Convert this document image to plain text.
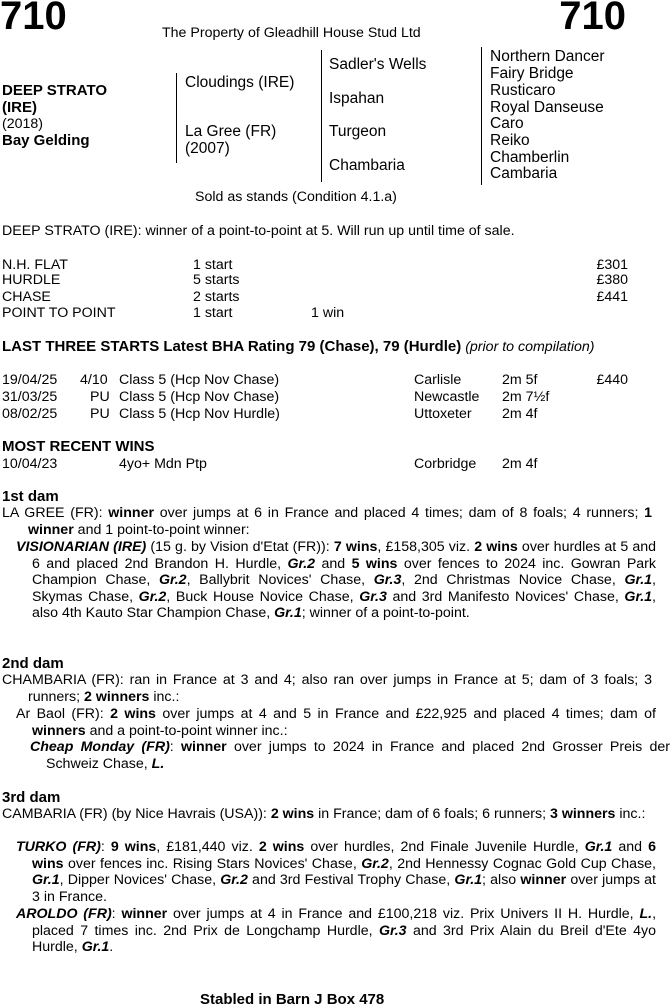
710	710
The Property of Gleadhill House Stud Ltd
DEEP STRATO
(IRE)
(2018)
Bay Gelding
Cloudings (IRE)
La Gree (FR)
(2007)
Sadler's Wells
Ispahan
Turgeon
Chambaria
Northern Dancer
Fairy Bridge
Rusticaro
Royal Danseuse
Caro
Reiko
Chamberlin
Cambaria
Sold as stands (Condition 4.1.a)
DEEP STRATO (IRE): winner of a point-to-point at 5. Will run up until time of sale.
N.H. FLAT	1 start	£301
HURDLE	5 starts	£380
CHASE	2 starts	£441
POINT TO POINT	1 start	1 win
LAST THREE STARTS Latest BHA Rating 79 (Chase), 79 (Hurdle) (prior to compilation)
19/04/25 4/10 Class 5 (Hcp Nov Chase)	Carlisle	2m 5f	£440
31/03/25 PU Class 5 (Hcp Nov Chase)	Newcastle 2m 7½f
08/02/25 PU Class 5 (Hcp Nov Hurdle)	Uttoxeter 2m 4f
MOST RECENT WINS
10/04/23	4yo+ Mdn Ptp	Corbridge 2m 4f
1st dam
LA GREE (FR): winner over jumps at 6 in France and placed 4 times; dam of 8 foals; 4 runners; 1 winner and 1 point-to-point winner:
VISIONARIAN (IRE) (15 g. by Vision d'Etat (FR)): 7 wins, £158,305 viz. 2 wins over hurdles at 5 and 6 and placed 2nd Brandon H. Hurdle, Gr.2 and 5 wins over fences to 2024 inc. Gowran Park Champion Chase, Gr.2, Ballybrit Novices' Chase, Gr.3, 2nd Christmas Novice Chase, Gr.1, Skymas Chase, Gr.2, Buck House Novice Chase, Gr.3 and 3rd Manifesto Novices' Chase, Gr.1, also 4th Kauto Star Champion Chase, Gr.1; winner of a point-to-point.
2nd dam
CHAMBARIA (FR): ran in France at 3 and 4; also ran over jumps in France at 5; dam of 3 foals; 3 runners; 2 winners inc.:
Ar Baol (FR): 2 wins over jumps at 4 and 5 in France and £22,925 and placed 4 times; dam of winners and a point-to-point winner inc.:
Cheap Monday (FR): winner over jumps to 2024 in France and placed 2nd Grosser Preis der Schweiz Chase, L.
3rd dam
CAMBARIA (FR) (by Nice Havrais (USA)): 2 wins in France; dam of 6 foals; 6 runners; 3 winners inc.:
TURKO (FR): 9 wins, £181,440 viz. 2 wins over hurdles, 2nd Finale Juvenile Hurdle, Gr.1 and 6 wins over fences inc. Rising Stars Novices' Chase, Gr.2, 2nd Hennessy Cognac Gold Cup Chase, Gr.1, Dipper Novices' Chase, Gr.2 and 3rd Festival Trophy Chase, Gr.1; also winner over jumps at 3 in France.
AROLDO (FR): winner over jumps at 4 in France and £100,218 viz. Prix Univers II H. Hurdle, L., placed 7 times inc. 2nd Prix de Longchamp Hurdle, Gr.3 and 3rd Prix Alain du Breil d'Ete 4yo Hurdle, Gr.1.
Stabled in Barn J Box 478
